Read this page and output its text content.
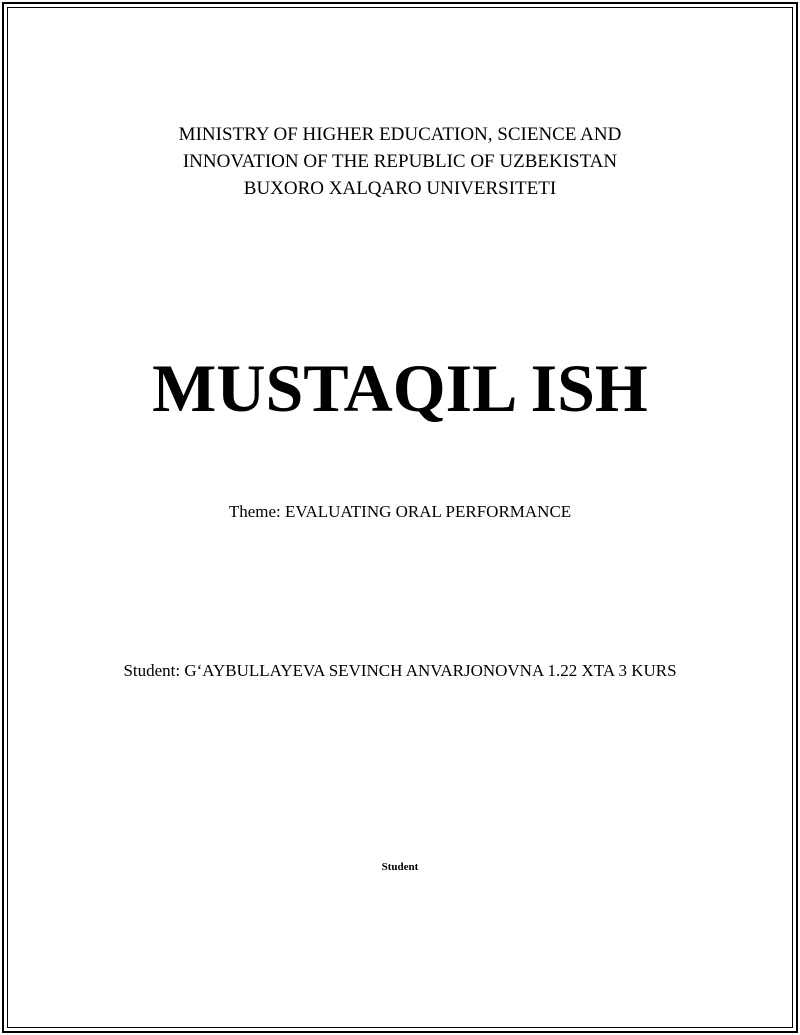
MINISTRY OF HIGHER EDUCATION, SCIENCE AND
INNOVATION OF THE REPUBLIC OF UZBEKISTAN
BUXORO XALQARO UNIVERSITETI
MUSTAQIL ISH
Theme: EVALUATING ORAL PERFORMANCE
Student: G‘AYBULLAYEVA SEVINCH ANVARJONOVNA 1.22 XTA 3 KURS
Student
